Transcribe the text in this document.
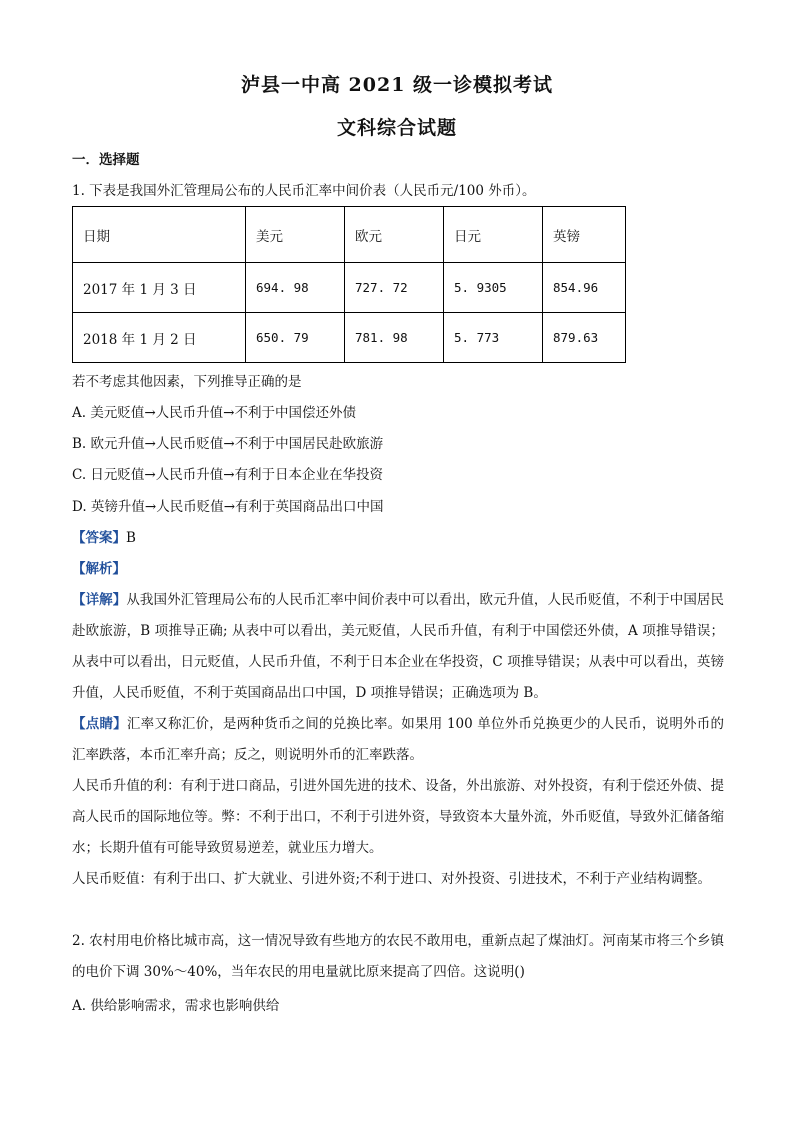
泸县一中高 2021 级一诊模拟考试
文科综合试题
一．选择题
1. 下表是我国外汇管理局公布的人民币汇率中间价表（人民币元/100 外币）。
日期	美元	欧元	日元	英镑
2017 年 1 月 3 日	694. 98	727. 72	5. 9305	854.96
2018 年 1 月 2 日	650. 79	781. 98	5. 773	879.63
若不考虑其他因素，下列推导正确的是
A. 美元贬值→人民币升值→不利于中国偿还外债
B. 欧元升值→人民币贬值→不利于中国居民赴欧旅游
C. 日元贬值→人民币升值→有利于日本企业在华投资
D. 英镑升值→人民币贬值→有利于英国商品出口中国
【答案】B
【解析】
【详解】从我国外汇管理局公布的人民币汇率中间价表中可以看出，欧元升值，人民币贬值，不利于中国居民赴欧旅游，B 项推导正确; 从表中可以看出，美元贬值，人民币升值，有利于中国偿还外债，A 项推导错误；从表中可以看出，日元贬值，人民币升值，不利于日本企业在华投资，C 项推导错误；从表中可以看出，英镑升值，人民币贬值，不利于英国商品出口中国，D 项推导错误；正确选项为 B。
【点睛】汇率又称汇价，是两种货币之间的兑换比率。如果用 100 单位外币兑换更少的人民币，说明外币的汇率跌落，本币汇率升高；反之，则说明外币的汇率跌落。
人民币升值的利：有利于进口商品，引进外国先进的技术、设备，外出旅游、对外投资，有利于偿还外债、提高人民币的国际地位等。弊：不利于出口，不利于引进外资，导致资本大量外流，外币贬值，导致外汇储备缩水；长期升值有可能导致贸易逆差，就业压力增大。
人民币贬值：有利于出口、扩大就业、引进外资;不利于进口、对外投资、引进技术，不利于产业结构调整。
2. 农村用电价格比城市高，这一情况导致有些地方的农民不敢用电，重新点起了煤油灯。河南某市将三个乡镇的电价下调 30%～40%，当年农民的用电量就比原来提高了四倍。这说明()
A. 供给影响需求，需求也影响供给
